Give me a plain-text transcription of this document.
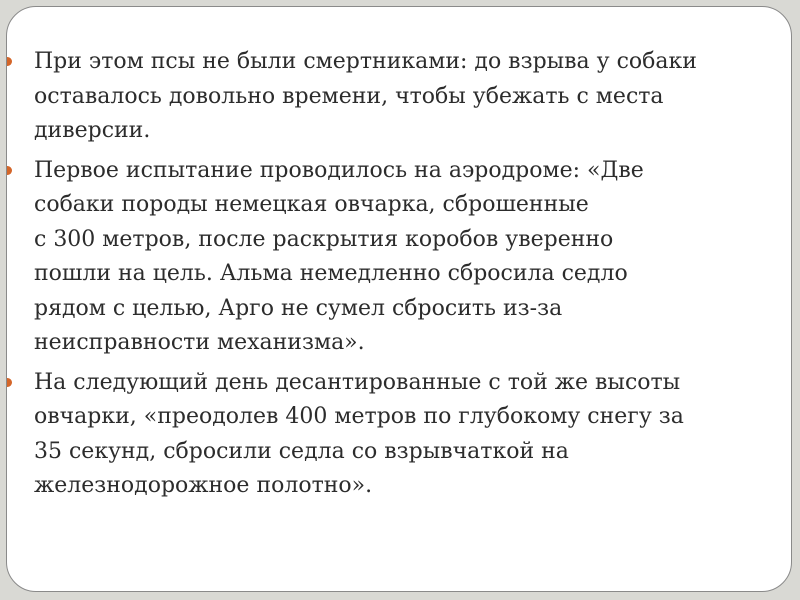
При этом псы не были смертниками: до взрыва у собаки
оставалось довольно времени, чтобы убежать с места
диверсии.
Первое испытание проводилось на аэродроме: «Две
собаки породы немецкая овчарка, сброшенные
с 300 метров, после раскрытия коробов уверенно
пошли на цель. Альма немедленно сбросила седло
рядом с целью, Арго не сумел сбросить из-за
неисправности механизма».
На следующий день десантированные с той же высоты
овчарки, «преодолев 400 метров по глубокому снегу за
35 секунд, сбросили седла со взрывчаткой на
железнодорожное полотно».
